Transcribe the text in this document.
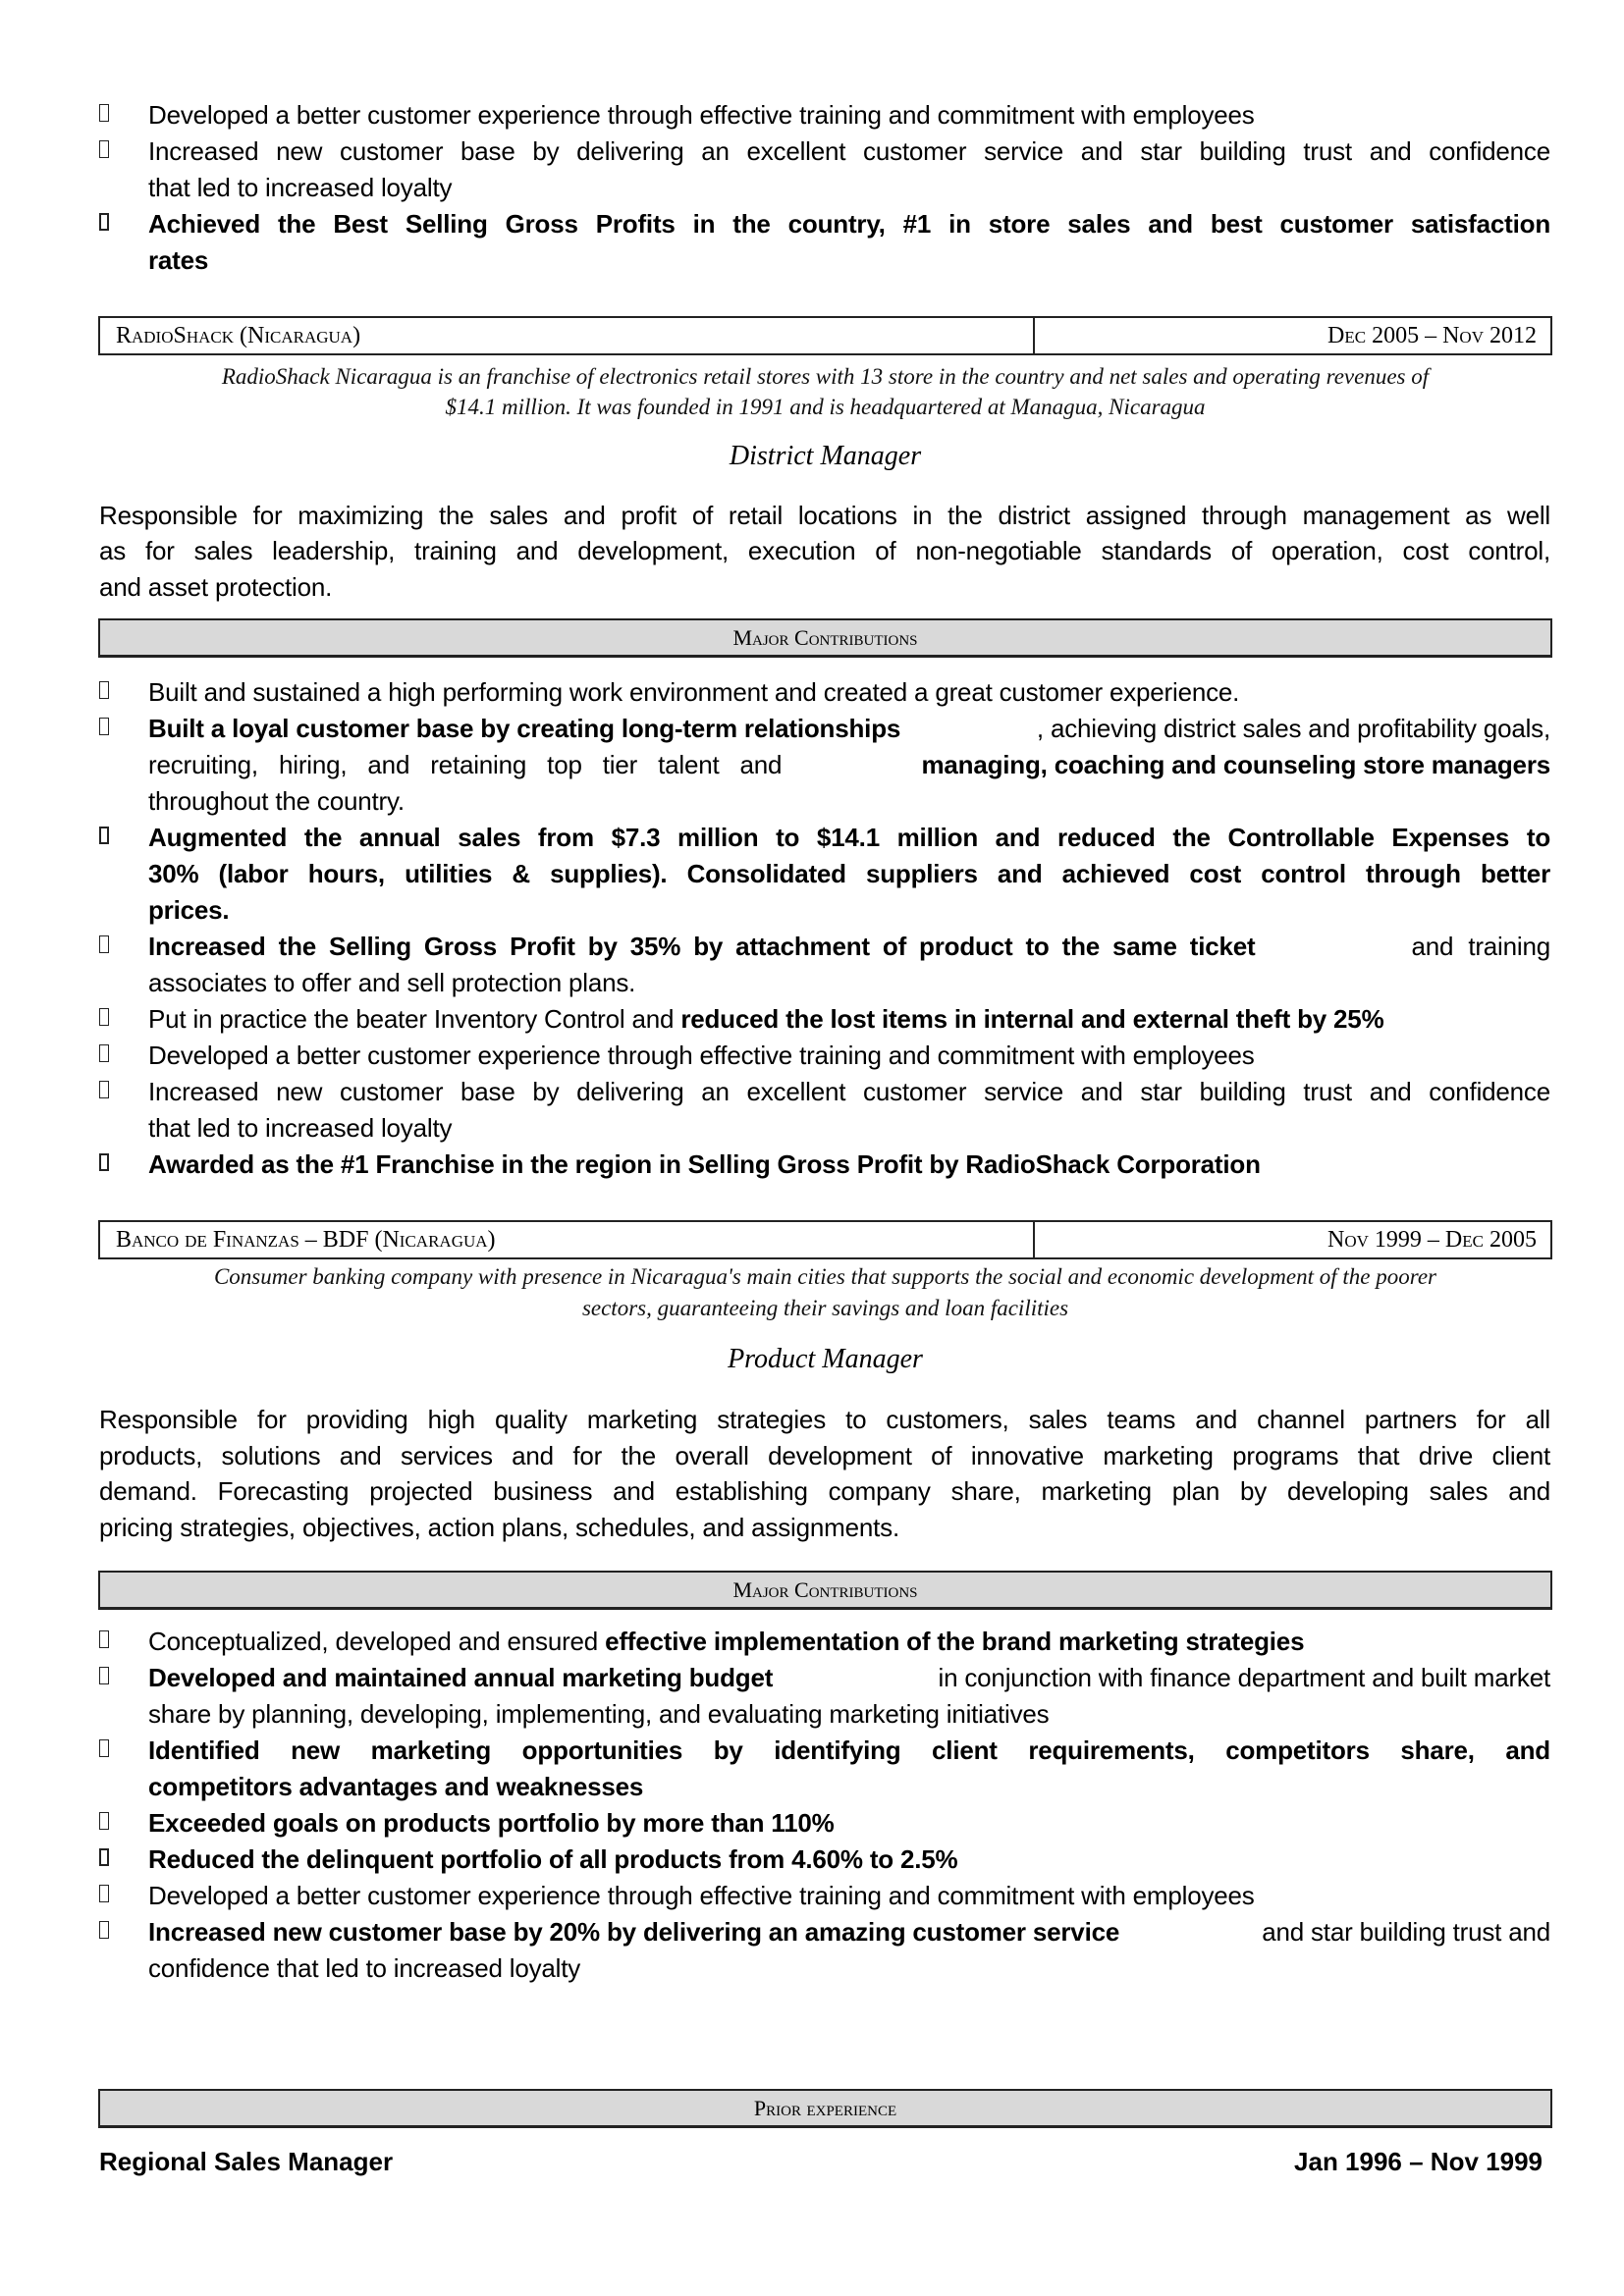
Developed a better customer experience through effective training and commitment with employees
Increased new customer base by delivering an excellent customer service and star building trust and confidence
that led to increased loyalty
Achieved the Best Selling Gross Profits in the country, #1 in store sales and best customer satisfaction
rates
RadioShack (Nicaragua)	Dec 2005 – Nov 2012
RadioShack Nicaragua is an franchise of electronics retail stores with 13 store in the country and net sales and operating revenues of
$14.1 million. It was founded in 1991 and is headquartered at Managua, Nicaragua
District Manager
Responsible for maximizing the sales and profit of retail locations in the district assigned through management as well
as for sales leadership, training and development, execution of non-negotiable standards of operation, cost control,
and asset protection.
Major Contributions
Built and sustained a high performing work environment and created a great customer experience.
Built a loyal customer base by creating long-term relationships	, achieving district sales and profitability goals,
recruiting, hiring, and retaining top tier talent and	managing, coaching and counseling store managers
throughout the country.
Augmented the annual sales from $7.3 million to $14.1 million and reduced the Controllable Expenses to
30% (labor hours, utilities & supplies). Consolidated suppliers and achieved cost control through better
prices.
Increased the Selling Gross Profit by 35% by attachment of product to the same ticket	and training
associates to offer and sell protection plans.
Put in practice the beater Inventory Control and reduced the lost items in internal and external theft by 25%
Developed a better customer experience through effective training and commitment with employees
Increased new customer base by delivering an excellent customer service and star building trust and confidence
that led to increased loyalty
Awarded as the #1 Franchise in the region in Selling Gross Profit by RadioShack Corporation
Banco de Finanzas – BDF (Nicaragua)	Nov 1999 – Dec 2005
Consumer banking company with presence in Nicaragua's main cities that supports the social and economic development of the poorer
sectors, guaranteeing their savings and loan facilities
Product Manager
Responsible for providing high quality marketing strategies to customers, sales teams and channel partners for all
products, solutions and services and for the overall development of innovative marketing programs that drive client
demand. Forecasting projected business and establishing company share, marketing plan by developing sales and
pricing strategies, objectives, action plans, schedules, and assignments.
Major Contributions
Conceptualized, developed and ensured effective implementation of the brand marketing strategies
Developed and maintained annual marketing budget	in conjunction with finance department and built market
share by planning, developing, implementing, and evaluating marketing initiatives
Identified new marketing opportunities by identifying client requirements, competitors share, and
competitors advantages and weaknesses
Exceeded goals on products portfolio by more than 110%
Reduced the delinquent portfolio of all products from 4.60% to 2.5%
Developed a better customer experience through effective training and commitment with employees
Increased new customer base by 20% by delivering an amazing customer service	and star building trust and
confidence that led to increased loyalty
Prior experience
Regional Sales Manager	Jan 1996 – Nov 1999
